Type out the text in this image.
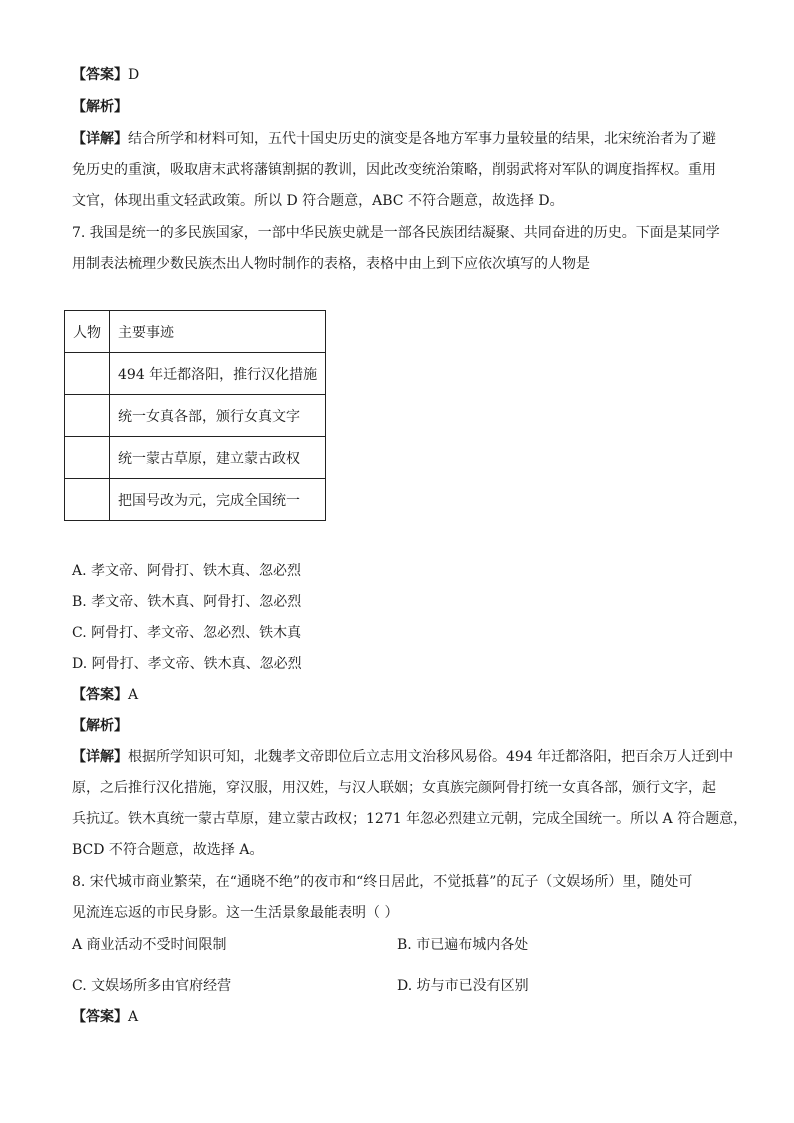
【答案】D
【解析】
【详解】结合所学和材料可知，五代十国史历史的演变是各地方军事力量较量的结果，北宋统治者为了避
免历史的重演，吸取唐末武将藩镇割据的教训，因此改变统治策略，削弱武将对军队的调度指挥权。重用
文官，体现出重文轻武政策。所以 D 符合题意，ABC 不符合题意，故选择 D。
7. 我国是统一的多民族国家，一部中华民族史就是一部各民族团结凝聚、共同奋进的历史。下面是某同学
用制表法梳理少数民族杰出人物时制作的表格，表格中由上到下应依次填写的人物是
人物	主要事迹
	494 年迁都洛阳，推行汉化措施
	统一女真各部，颁行女真文字
	统一蒙古草原，建立蒙古政权
	把国号改为元，完成全国统一
A. 孝文帝、阿骨打、铁木真、忽必烈
B. 孝文帝、铁木真、阿骨打、忽必烈
C. 阿骨打、孝文帝、忽必烈、铁木真
D. 阿骨打、孝文帝、铁木真、忽必烈
【答案】A
【解析】
【详解】根据所学知识可知，北魏孝文帝即位后立志用文治移风易俗。494 年迁都洛阳，把百余万人迁到中
原，之后推行汉化措施，穿汉服，用汉姓，与汉人联姻；女真族完颜阿骨打统一女真各部，颁行文字，起
兵抗辽。铁木真统一蒙古草原，建立蒙古政权；1271 年忽必烈建立元朝，完成全国统一。所以 A 符合题意，
BCD 不符合题意，故选择 A。
8. 宋代城市商业繁荣，在“通晓不绝”的夜市和“终日居此，不觉抵暮”的瓦子（文娱场所）里，随处可
见流连忘返的市民身影。这一生活景象最能表明（ ）
A 商业活动不受时间限制	B. 市已遍布城内各处
C. 文娱场所多由官府经营	D. 坊与市已没有区别
【答案】A
